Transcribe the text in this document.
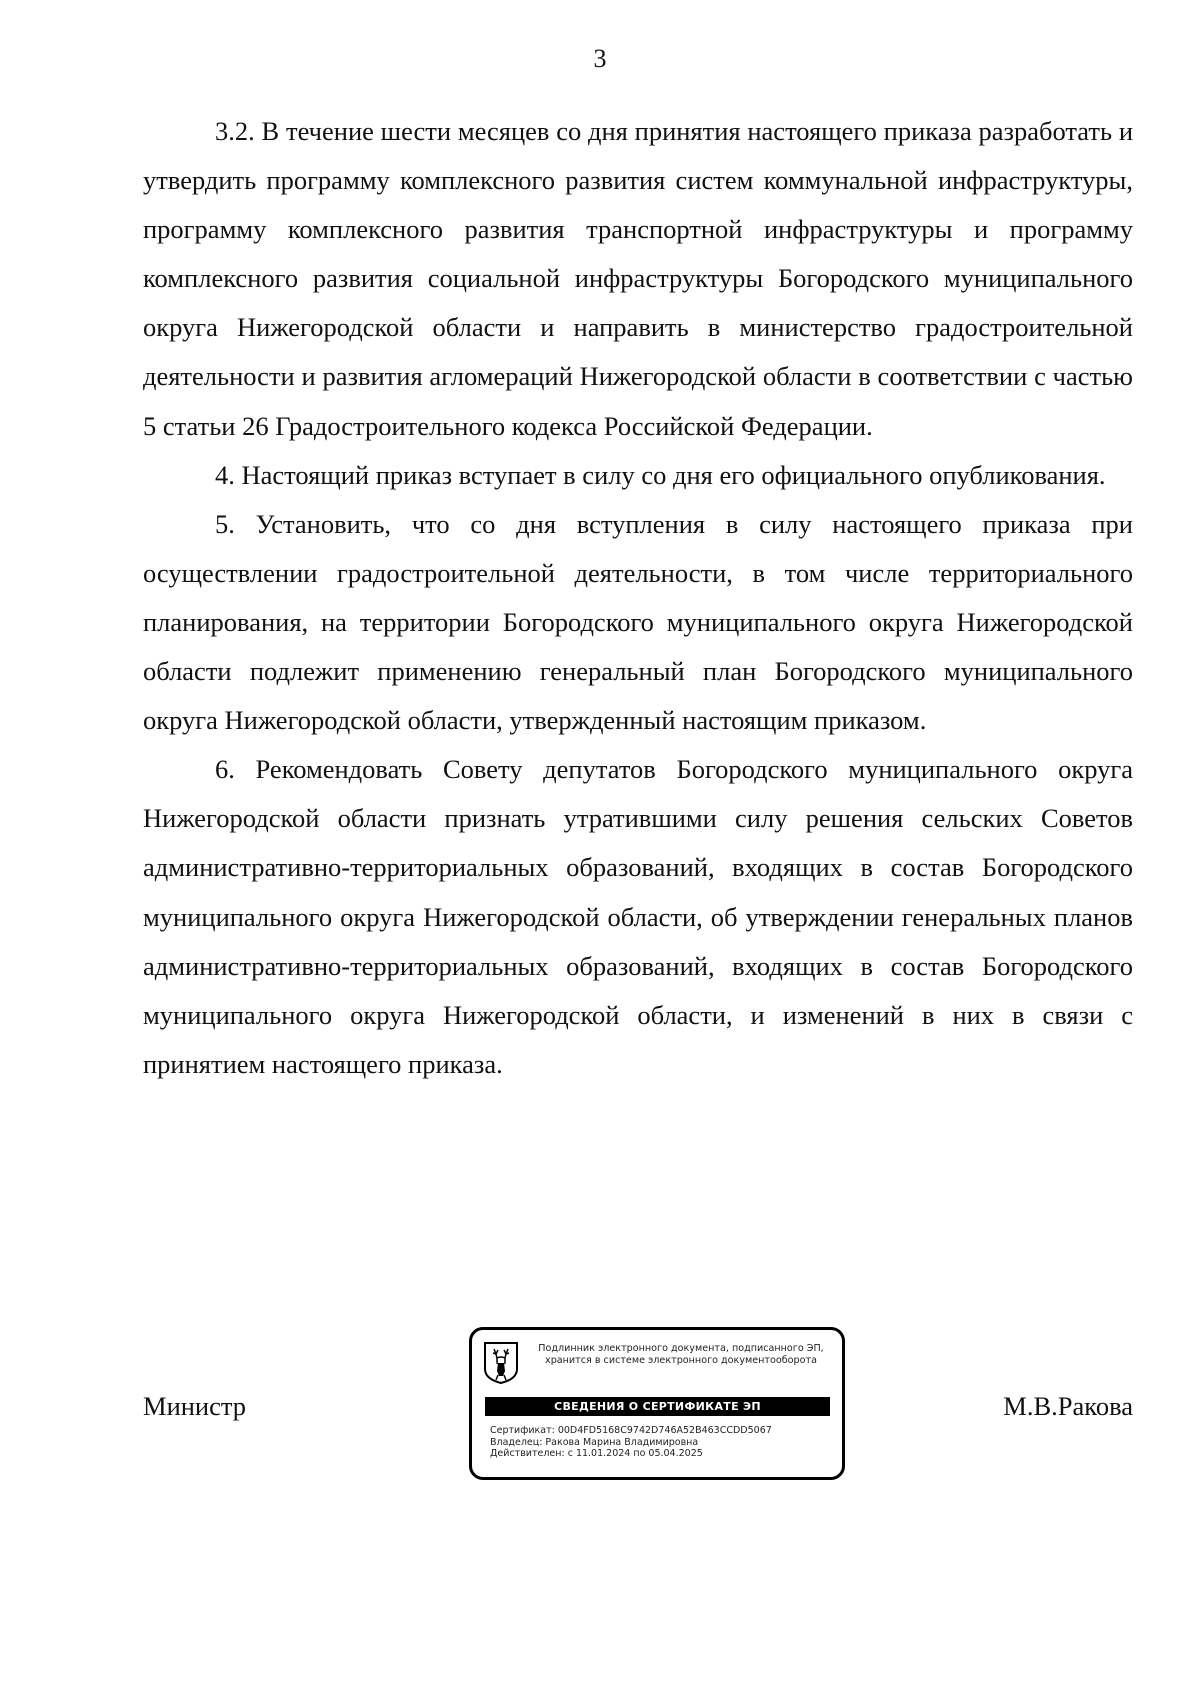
3

3.2. В течение шести месяцев со дня принятия настоящего приказа разработать и утвердить программу комплексного развития систем коммунальной инфраструктуры, программу комплексного развития транспортной инфраструктуры и программу комплексного развития социальной инфраструктуры Богородского муниципального округа Нижегородской области и направить в министерство градостроительной деятельности и развития агломераций Нижегородской области в соответствии с частью 5 статьи 26 Градостроительного кодекса Российской Федерации.

4. Настоящий приказ вступает в силу со дня его официального опубликования.

5. Установить, что со дня вступления в силу настоящего приказа при осуществлении градостроительной деятельности, в том числе территориального планирования, на территории Богородского муниципального округа Нижегородской области подлежит применению генеральный план Богородского муниципального округа Нижегородской области, утвержденный настоящим приказом.

6. Рекомендовать Совету депутатов Богородского муниципального округа Нижегородской области признать утратившими силу решения сельских Советов административно-территориальных образований, входящих в состав Богородского муниципального округа Нижегородской области, об утверждении генеральных планов административно-территориальных образований, входящих в состав Богородского муниципального округа Нижегородской области, и изменений в них в связи с принятием настоящего приказа.

Министр
Подлинник электронного документа, подписанного ЭП,
хранится в системе электронного документооборота
СВЕДЕНИЯ О СЕРТИФИКАТЕ ЭП
Сертификат: 00D4FD5168C9742D746A52B463CCDD5067
Владелец: Ракова Марина Владимировна
Действителен: с 11.01.2024 по 05.04.2025
М.В.Ракова
